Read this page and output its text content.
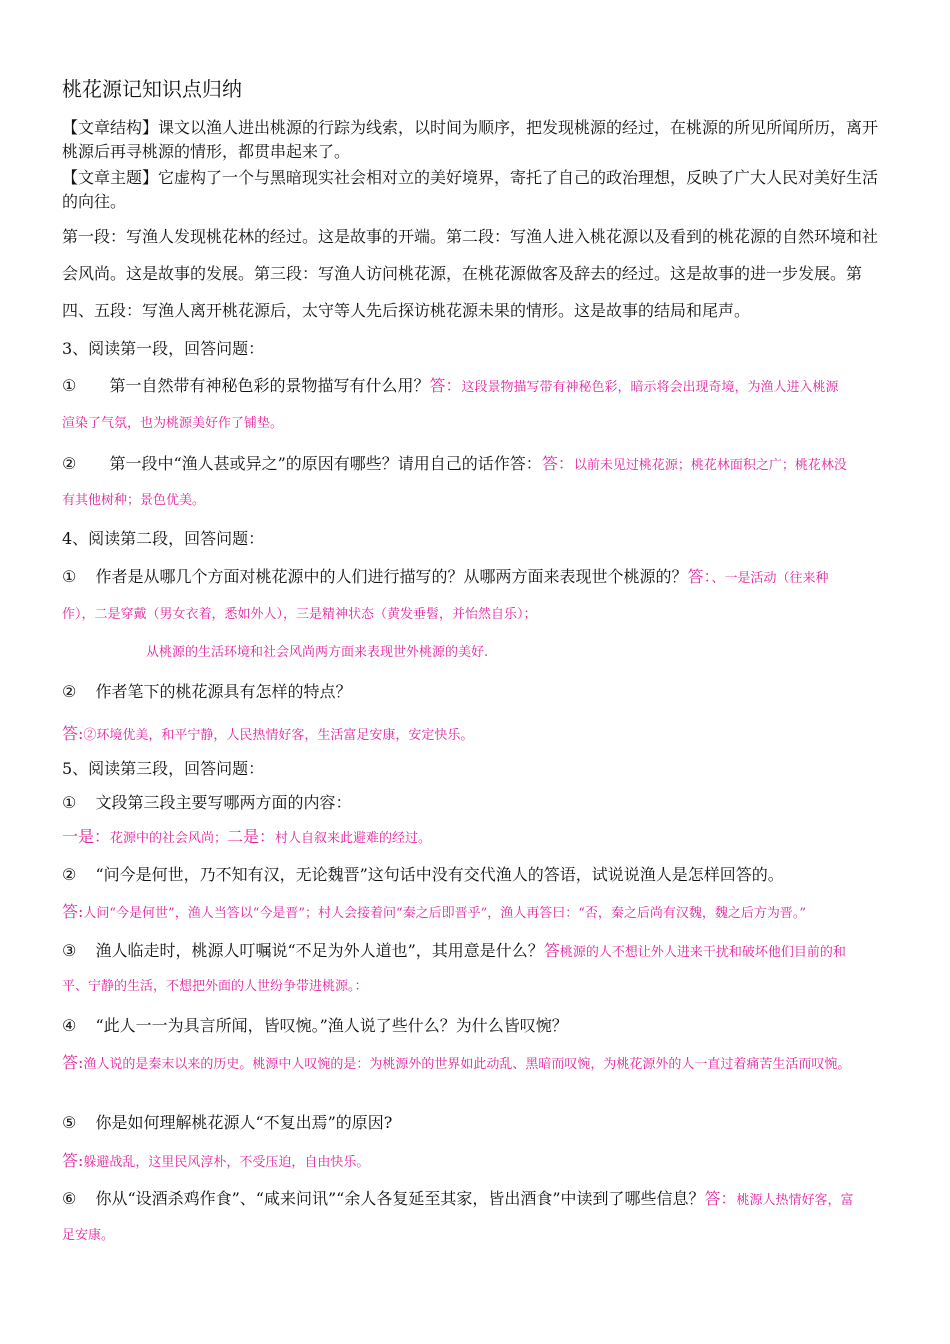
桃花源记知识点归纳
【文章结构】课文以渔人进出桃源的行踪为线索，以时间为顺序，把发现桃源的经过，在桃源的所见所闻所历，离开桃源后再寻桃源的情形，都贯串起来了。
【文章主题】它虚构了一个与黑暗现实社会相对立的美好境界，寄托了自己的政治理想，反映了广大人民对美好生活的向往。
第一段：写渔人发现桃花林的经过。这是故事的开端。第二段：写渔人进入桃花源以及看到的桃花源的自然环境和社会风尚。这是故事的发展。第三段：写渔人访问桃花源，在桃花源做客及辞去的经过。这是故事的进一步发展。第四、五段：写渔人离开桃花源后，太守等人先后探访桃花源未果的情形。这是故事的结局和尾声。
3、阅读第一段，回答问题：
① 第一自然带有神秘色彩的景物描写有什么用？答：这段景物描写带有神秘色彩，暗示将会出现奇境，为渔人进入桃源
渲染了气氛，也为桃源美好作了铺垫。
② 第一段中“渔人甚或异之”的原因有哪些？请用自己的话作答：答：以前未见过桃花源；桃花林面积之广；桃花林没
有其他树种；景色优美。
4、阅读第二段，回答问题：
① 作者是从哪几个方面对桃花源中的人们进行描写的？从哪两方面来表现世个桃源的？答：、一是活动（往来种
作），二是穿戴（男女衣着，悉如外人），三是精神状态（黄发垂髫，并怡然自乐）；
从桃源的生活环境和社会风尚两方面来表现世外桃源的美好.
② 作者笔下的桃花源具有怎样的特点？
答:②环境优美，和平宁静，人民热情好客，生活富足安康，安定快乐。
5、阅读第三段，回答问题：
① 文段第三段主要写哪两方面的内容：
一是：花源中的社会风尚；二是：村人自叙来此避难的经过。
② “问今是何世，乃不知有汉，无论魏晋”这句话中没有交代渔人的答语，试说说渔人是怎样回答的。
答:人问“今是何世”，渔人当答以“今是晋”；村人会接着问“秦之后即晋乎”，渔人再答曰：“否，秦之后尚有汉魏，魏之后方为晋。”
③ 渔人临走时，桃源人叮嘱说“不足为外人道也”，其用意是什么？答桃源的人不想让外人进来干扰和破坏他们目前的和
平、宁静的生活，不想把外面的人世纷争带进桃源。：
④ “此人一一为具言所闻，皆叹惋。”渔人说了些什么？为什么皆叹惋？
答:渔人说的是秦末以来的历史。桃源中人叹惋的是：为桃源外的世界如此动乱、黑暗而叹惋，为桃花源外的人一直过着痛苦生活而叹惋。
⑤ 你是如何理解桃花源人“不复出焉”的原因?
答:躲避战乱，这里民风淳朴，不受压迫，自由快乐。
⑥ 你从“设酒杀鸡作食”、“咸来问讯”“余人各复延至其家，皆出酒食”中读到了哪些信息？答：桃源人热情好客，富
足安康。
